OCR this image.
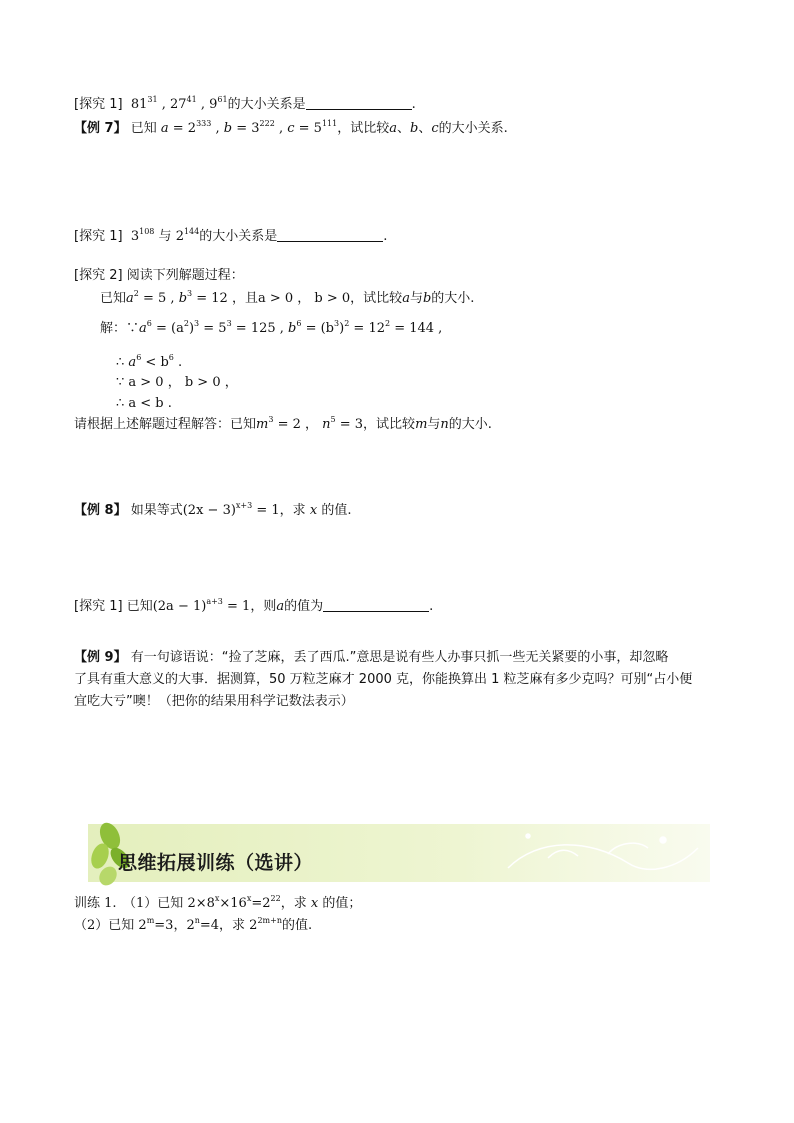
[探究 1] $81^{31}$ , $27^{41}$ , $9^{61}$的大小关系是	.
【例 7】 已知 $a = 2^{333}$ , $b = 3^{222}$ , $c = 5^{111}$，试比较a、b、c的大小关系.
[探究 1] $3^{108}$ 与 $2^{144}$的大小关系是	.
[探究 2] 阅读下列解题过程：
已知$a^2 = 5$ , $b^3 = 12$ ，且a > 0 ， b > 0，试比较a与b的大小.
解：$\because a^6 = (a^2)^3 = 5^3 = 125$ , $b^6 = (b^3)^2 = 12^2 = 144$ ,
∴ $a^6 < b^6$ .
∵ a > 0 ， b > 0 ，
∴ a < b .
请根据上述解题过程解答：已知$m^3 = 2$ ， $n^5 = 3$，试比较m与n的大小.
【例 8】 如果等式$(2x - 3)^{x+3} = 1$，求 x 的值.
[探究 1] 已知$(2a - 1)^{a+3} = 1$，则a的值为	.
【例 9】 有一句谚语说：“捡了芝麻，丢了西瓜.”意思是说有些人办事只抓一些无关紧要的小事，却忽略
了具有重大意义的大事．据测算，50 万粒芝麻才 2000 克，你能换算出 1 粒芝麻有多少克吗？可别“占小便
宜吃大亏”噢！（把你的结果用科学记数法表示）
思维拓展训练（选讲）
训练 1.　（1）已知 $2\times 8^x\times 16^x=2^{22}$，求 x 的值；
（2）已知 $2^m=3$，$2^n=4$，求 $2^{2m+n}$的值.
